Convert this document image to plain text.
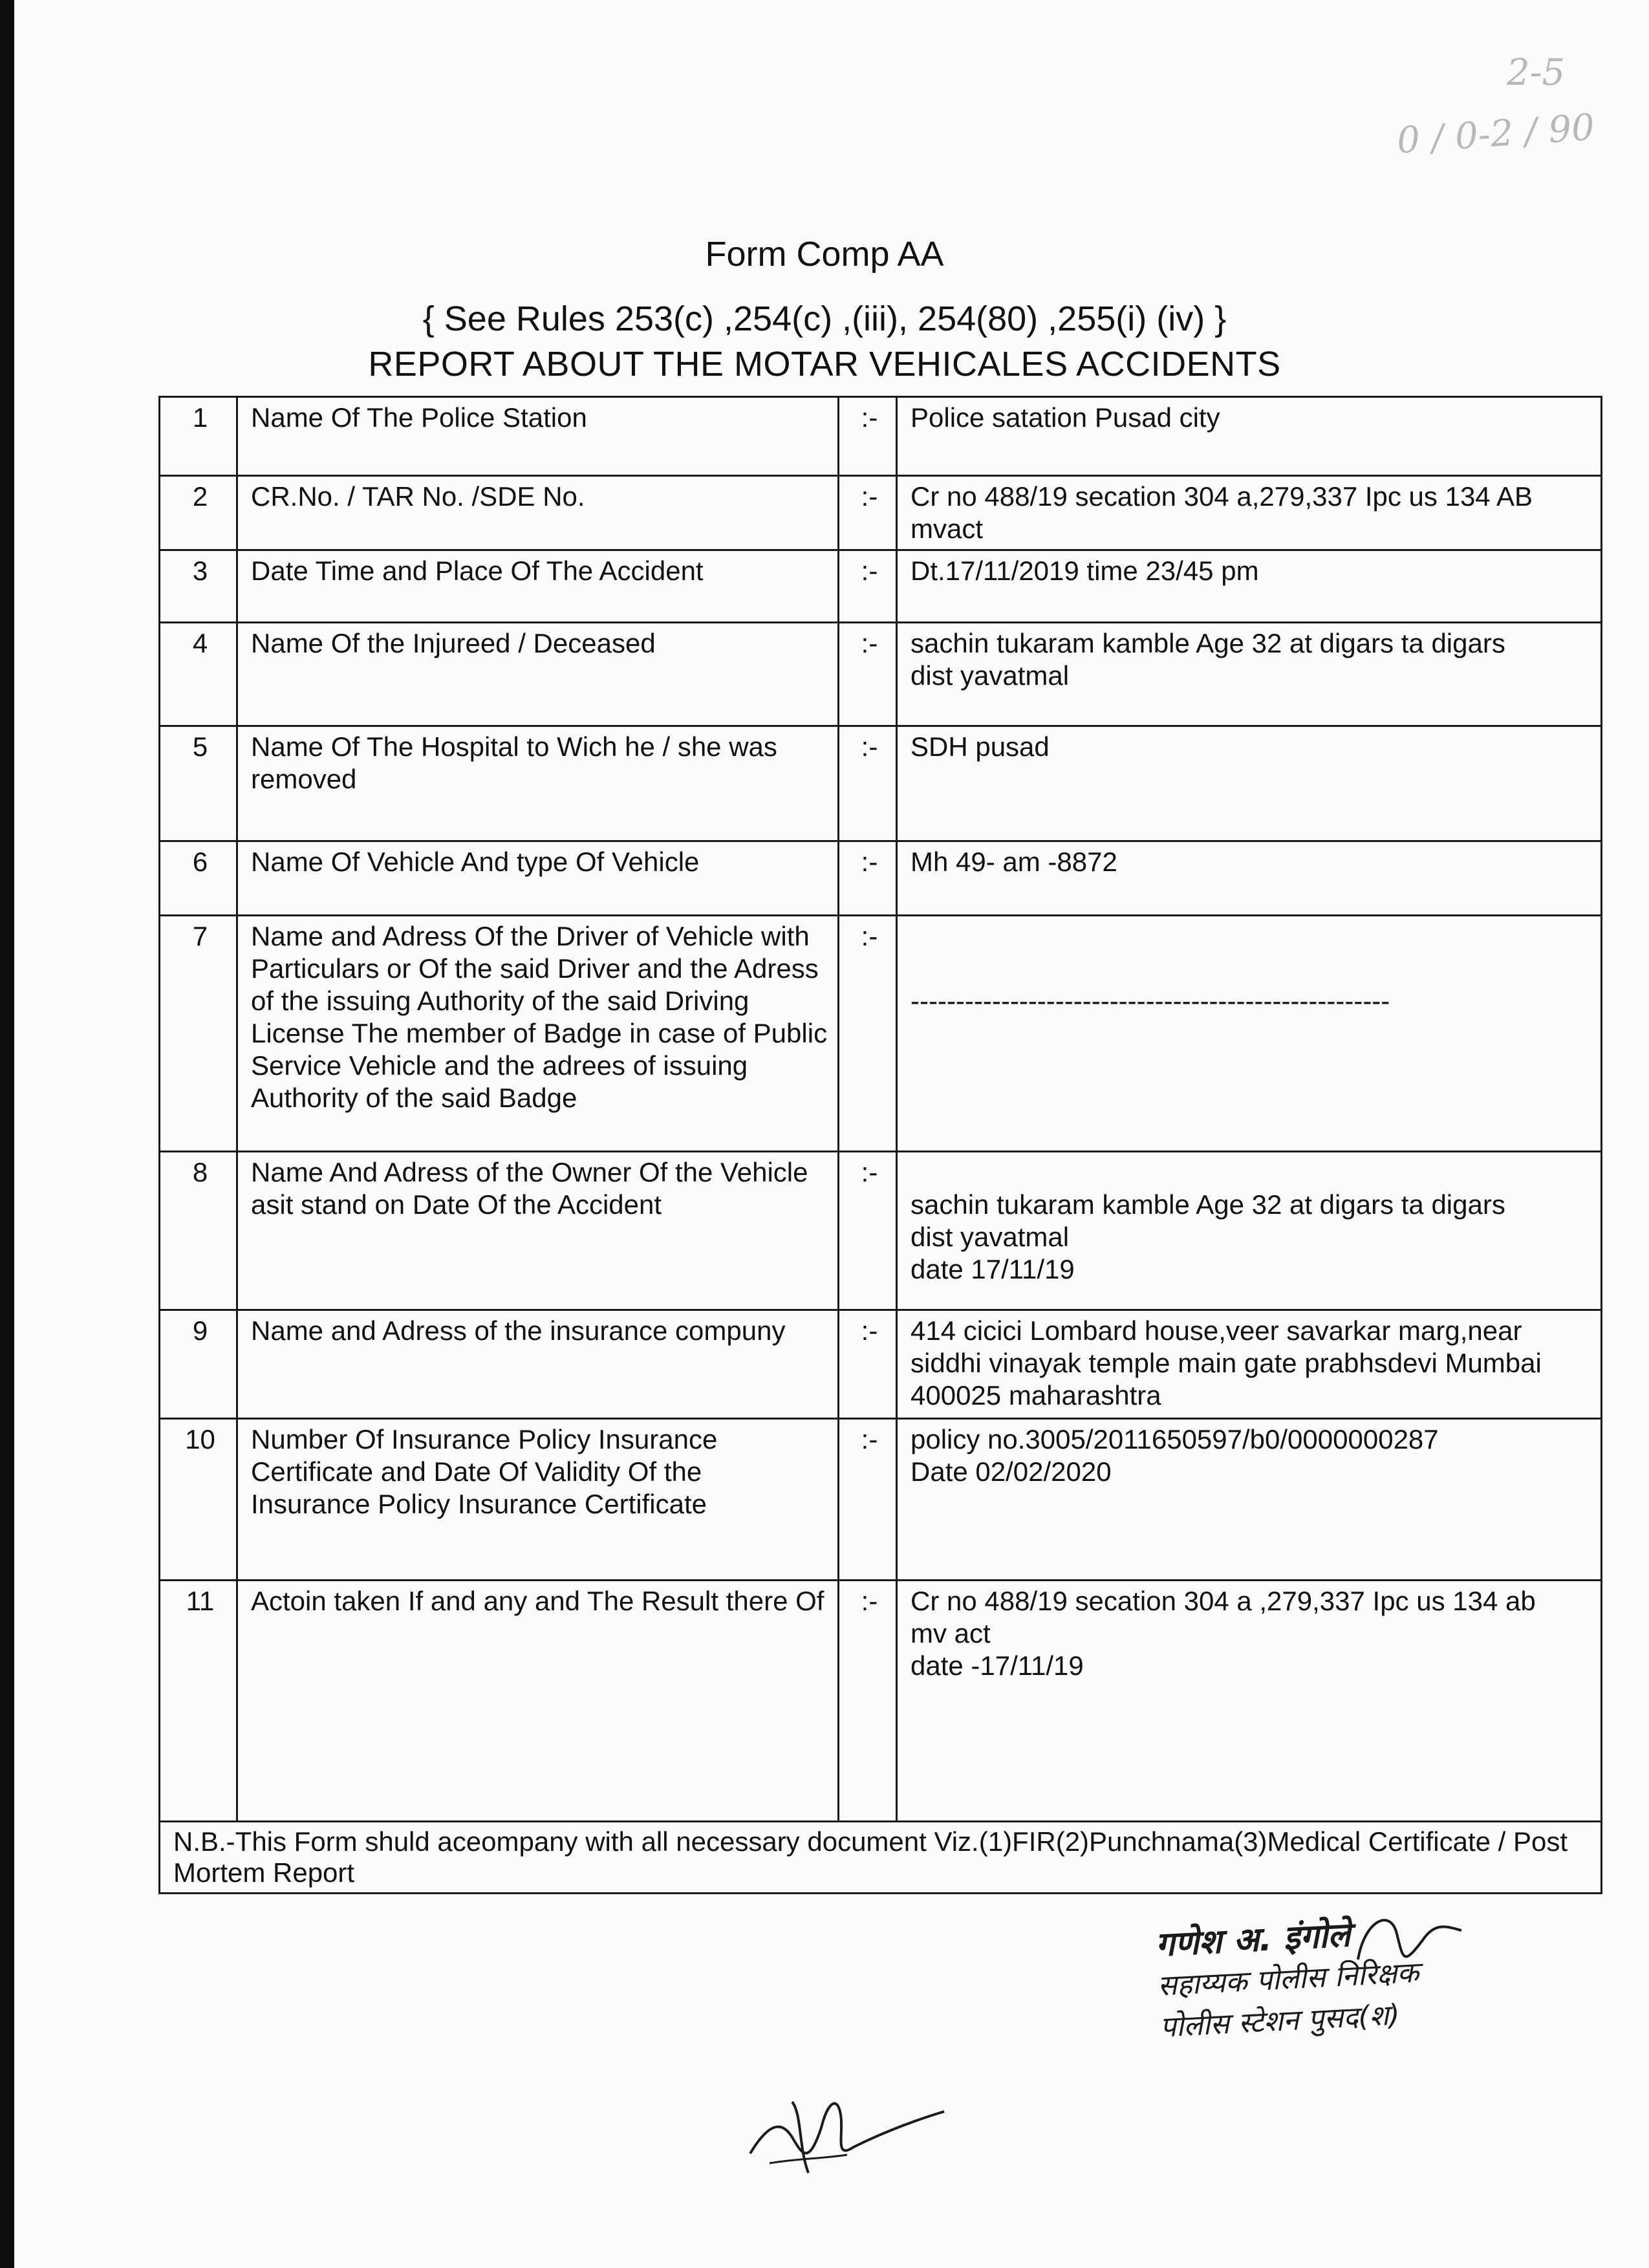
2-5
0 / 0-2 / 90
Form Comp AA
{ See Rules 253(c) ,254(c) ,(iii), 254(80) ,255(i) (iv) }
REPORT ABOUT THE MOTAR VEHICALES ACCIDENTS
1	Name Of The Police Station	:-	Police satation Pusad city
2	CR.No. / TAR No. /SDE No.	:-	Cr no 488/19 secation 304 a,279,337 Ipc us 134 AB
mvact
3	Date Time and Place Of The Accident	:-	Dt.17/11/2019 time 23/45 pm
4	Name Of the Injureed / Deceased	:-	sachin tukaram kamble Age 32 at digars ta digars
dist yavatmal
5	Name Of The Hospital to Wich he / she was removed	:-	SDH pusad
6	Name Of Vehicle And type Of Vehicle	:-	Mh 49- am -8872
7	Name and Adress Of the Driver of Vehicle with Particulars or Of the said Driver and the Adress of the issuing Authority of the said Driving License The member of Badge in case of Public Service Vehicle and the adrees of issuing Authority of the said Badge	:-	

-----------------------------------------------------
8	Name And Adress of the Owner Of the Vehicle asit stand on Date Of the Accident	:-	
sachin tukaram kamble Age 32 at digars ta digars
dist yavatmal
date 17/11/19
9	Name and Adress of the insurance compuny	:-	414 cicici Lombard house,veer savarkar marg,near
siddhi vinayak temple main gate prabhsdevi Mumbai
400025 maharashtra
10	Number Of Insurance Policy Insurance Certificate and Date Of Validity Of the Insurance Policy Insurance Certificate	:-	policy no.3005/2011650597/b0/0000000287
Date 02/02/2020
11	Actoin taken If and any and The Result there Of	:-	Cr no 488/19 secation 304 a ,279,337 Ipc us 134 ab
mv act
date -17/11/19
N.B.-This Form shuld aceompany with all necessary document Viz.(1)FIR(2)Punchnama(3)Medical Certificate / Post Mortem Report			
गणेश अ. इंगोले
सहाय्यक पोलीस निरिक्षक
पोलीस स्टेशन पुसद(श)
